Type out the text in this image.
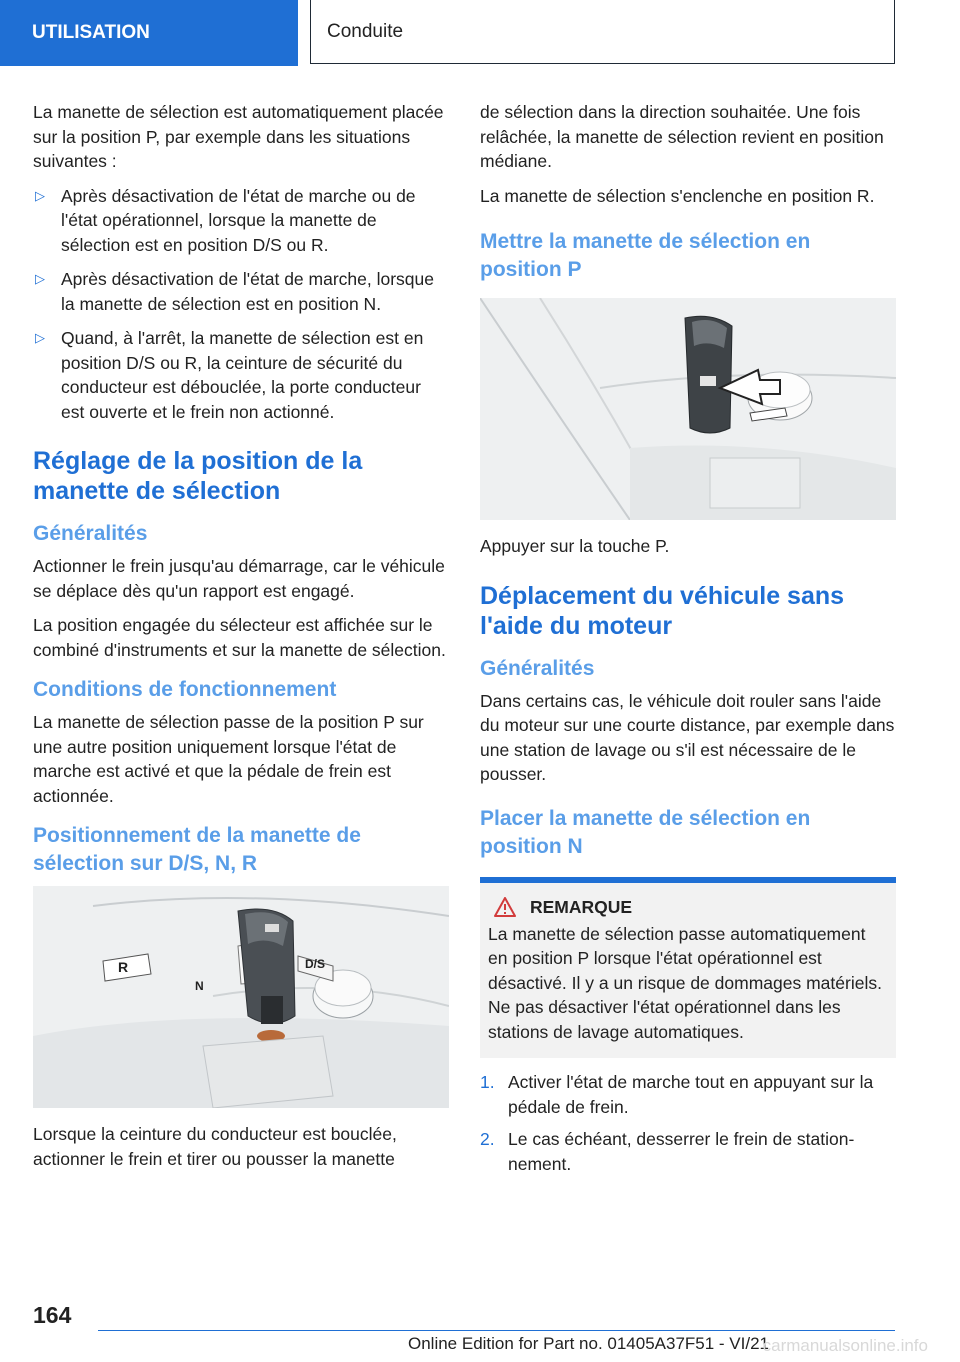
UTILISATION	Conduite

La manette de sélection est automatiquement placée sur la position P, par exemple dans les situations suivantes :

▷ Après désactivation de l'état de marche ou de l'état opérationnel, lorsque la manette de sélection est en position D/S ou R.
▷ Après désactivation de l'état de marche, lorsque la manette de sélection est en position N.
▷ Quand, à l'arrêt, la manette de sélection est en position D/S ou R, la ceinture de sécurité du conducteur est débouclée, la porte conducteur est ouverte et le frein non actionné.
Réglage de la position de la manette de sélection
Généralités

Actionner le frein jusqu'au démarrage, car le véhicule se déplace dès qu'un rapport est engagé.

La position engagée du sélecteur est affichée sur le combiné d'instruments et sur la manette de sélection.

Conditions de fonctionnement

La manette de sélection passe de la position P sur une autre position uniquement lorsque l'état de marche est activé et que la pédale de frein est actionnée.

Positionnement de la manette de sélection sur D/S, N, R
R
N
D/S

Lorsque la ceinture du conducteur est bouclée, actionner le frein et tirer ou pousser la manette

de sélection dans la direction souhaitée. Une fois relâchée, la manette de sélection revient en position médiane.

La manette de sélection s'enclenche en position R.

Mettre la manette de sélection en position P

Appuyer sur la touche P.

Déplacement du véhicule sans l'aide du moteur
Généralités

Dans certains cas, le véhicule doit rouler sans l'aide du moteur sur une courte distance, par exemple dans une station de lavage ou s'il est nécessaire de le pousser.

Placer la manette de sélection en position N
REMARQUE

La manette de sélection passe automatiquement en position P lorsque l'état opérationnel est désactivé. Il y a un risque de dommages matériels. Ne pas désactiver l'état opérationnel dans les stations de lavage automatiques.

1. Activer l'état de marche tout en appuyant sur la pédale de frein.
2. Le cas échéant, desserrer le frein de stationnement.
164
Online Edition for Part no. 01405A37F51 - VI/21
carmanualsonline.info
